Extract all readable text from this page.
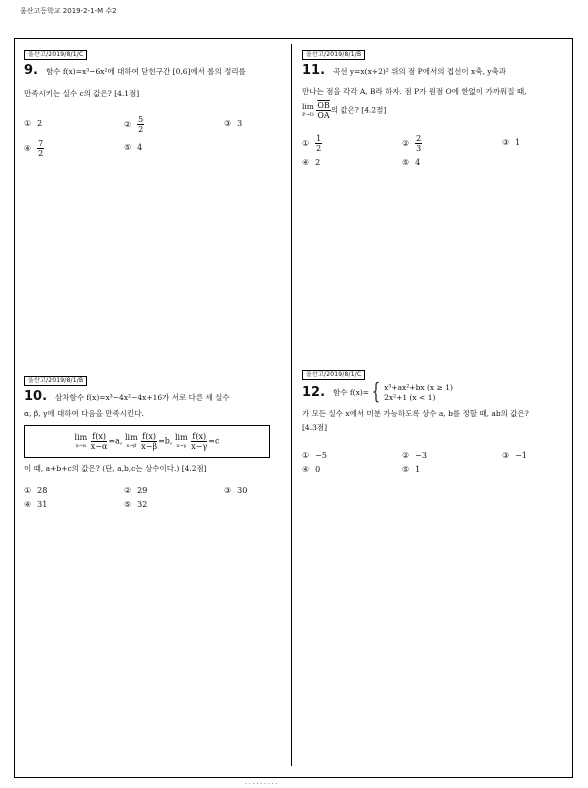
울산고등학교 2019-2-1-M 수2
울산고/2019/8/1/C
9. 함수 f(x)=x³−6x²에 대하여 닫힌구간 [0,6]에서 롤의 정리를
만족시키는 실수 c의 값은? [4.1점]
① 2	② $\frac{5}{2}$	③ 3
④ $\frac{7}{2}$	⑤ 4
울산고/2019/8/1/B
10. 삼차함수 f(x)=x³−4x²−4x+16가 서로 다른 세 실수
α, β, γ에 대하여 다음을 만족시킨다.
lim
x→α
$\frac{f(x)}{x-\alpha} =a$, lim
x→β
$\frac{f(x)}{x-\beta} =b$, lim
x→γ
$\frac{f(x)}{x-\gamma} =c$
이 때, a+b+c의 값은? (단, a,b,c는 상수이다.) [4.2점]
① 28	② 29	③ 30
④ 31	⑤ 32
울산고/2019/8/1/B
11. 곡선 y=x(x+2)² 위의 점 P에서의 접선이 x축, y축과
만나는 점을 각각 A, B라 하자. 점 P가 원점 O에 한없이 가까워질 때,
lim
P→O
$\frac{\overline{OB}}{OA}$ 의 값은? [4.2점]
① $\frac{1}{2}$	② $\frac{2}{3}$	③ 1
④ 2	⑤ 4
울산고/2019/8/1/C
12. 함수 f(x)= { x³+ax²+bx (x ≥ 1)
2x²+1 (x < 1)
가 모든 실수 x에서 미분 가능하도록 상수 a, b를 정할 때, ab의 값은?
[4.3점]
① −5	② −3	③ −1
④ 0	⑤ 1
· · · · · · · · ·
